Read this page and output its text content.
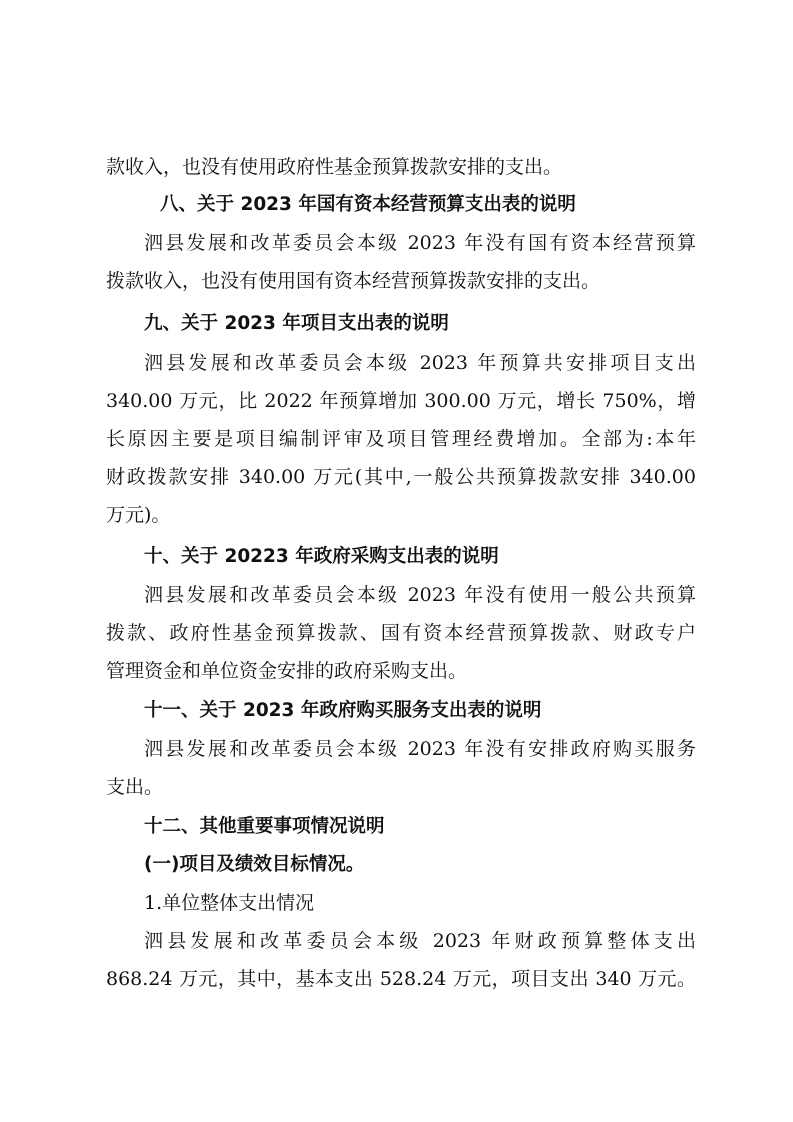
款收入，也没有使用政府性基金预算拨款安排的支出。
八、关于 2023 年国有资本经营预算支出表的说明
泗县发展和改革委员会本级 2023 年没有国有资本经营预算
拨款收入，也没有使用国有资本经营预算拨款安排的支出。
九、关于 2023 年项目支出表的说明
泗县发展和改革委员会本级 2023 年预算共安排项目支出
340.00 万元，比 2022 年预算增加 300.00 万元，增长 750%，增
长原因主要是项目编制评审及项目管理经费增加。全部为:本年
财政拨款安排 340.00 万元(其中,一般公共预算拨款安排 340.00
万元)。
十、关于 20223 年政府采购支出表的说明
泗县发展和改革委员会本级 2023 年没有使用一般公共预算
拨款、政府性基金预算拨款、国有资本经营预算拨款、财政专户
管理资金和单位资金安排的政府采购支出。
十一、关于 2023 年政府购买服务支出表的说明
泗县发展和改革委员会本级 2023 年没有安排政府购买服务
支出。
十二、其他重要事项情况说明
(一)项目及绩效目标情况。
1.单位整体支出情况
泗县发展和改革委员会本级 2023 年财政预算整体支出
868.24 万元，其中，基本支出 528.24 万元，项目支出 340 万元。
